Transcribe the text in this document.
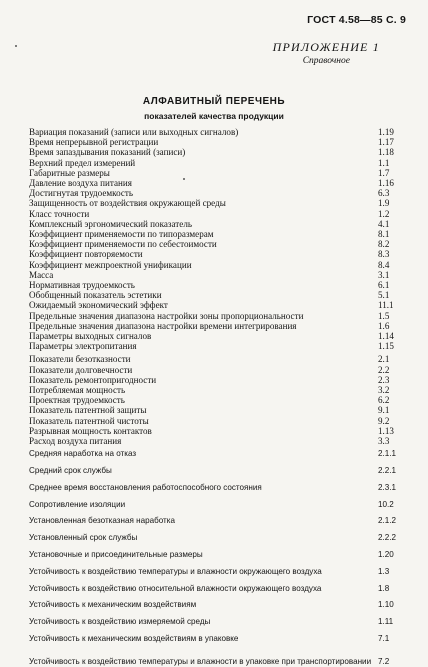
ГОСТ 4.58—85 С. 9
ПРИЛОЖЕНИЕ 1
Справочное
АЛФАВИТНЫЙ ПЕРЕЧЕНЬ
показателей качества продукции
Вариация показаний (записи или выходных сигналов)	1.19
Время непрерывной регистрации	1.17
Время запаздывания показаний (записи)	1.18
Верхний предел измерений	1.1
Габаритные размеры	1.7
Давление воздуха питания	1.16
Достигнутая трудоемкость	6.3
Защищенность от воздействия окружающей среды	1.9
Класс точности	1.2
Комплексный эргономический показатель	4.1
Коэффициент применяемости по типоразмерам	8.1
Коэффициент применяемости по себестоимости	8.2
Коэффициент повторяемости	8.3
Коэффициент межпроектной унификации	8.4
Масса	3.1
Нормативная трудоемкость	6.1
Обобщенный показатель эстетики	5.1
Ожидаемый экономический эффект	11.1
Предельные значения диапазона настройки зоны пропорциональности	1.5
Предельные значения диапазона настройки времени интегрирования	1.6
Параметры выходных сигналов	1.14
Параметры электропитания	1.15
Показатели безотказности	2.1
Показатели долговечности	2.2
Показатель ремонтопригодности	2.3
Потребляемая мощность	3.2
Проектная трудоемкость	6.2
Показатель патентной защиты	9.1
Показатель патентной чистоты	9.2
Разрывная мощность контактов	1.13
Расход воздуха питания	3.3
Средняя наработка на отказ	2.1.1
Средний срок службы	2.2.1
Среднее время восстановления работоспособного состояния	2.3.1
Сопротивление изоляции	10.2
Установленная безотказная наработка	2.1.2
Установленный срок службы	2.2.2
Установочные и присоединительные размеры	1.20
Устойчивость к воздействию температуры и влажности окружающего воздуха	1.3
Устойчивость к воздействию относительной влажности окружающего воздуха	1.8
Устойчивость к механическим воздействиям	1.10
Устойчивость к воздействию измеряемой среды	1.11
Устойчивость к механическим воздействиям в упаковке	7.1
Устойчивость к воздействию температуры и влажности в упаковке при транспортировании 7.2
